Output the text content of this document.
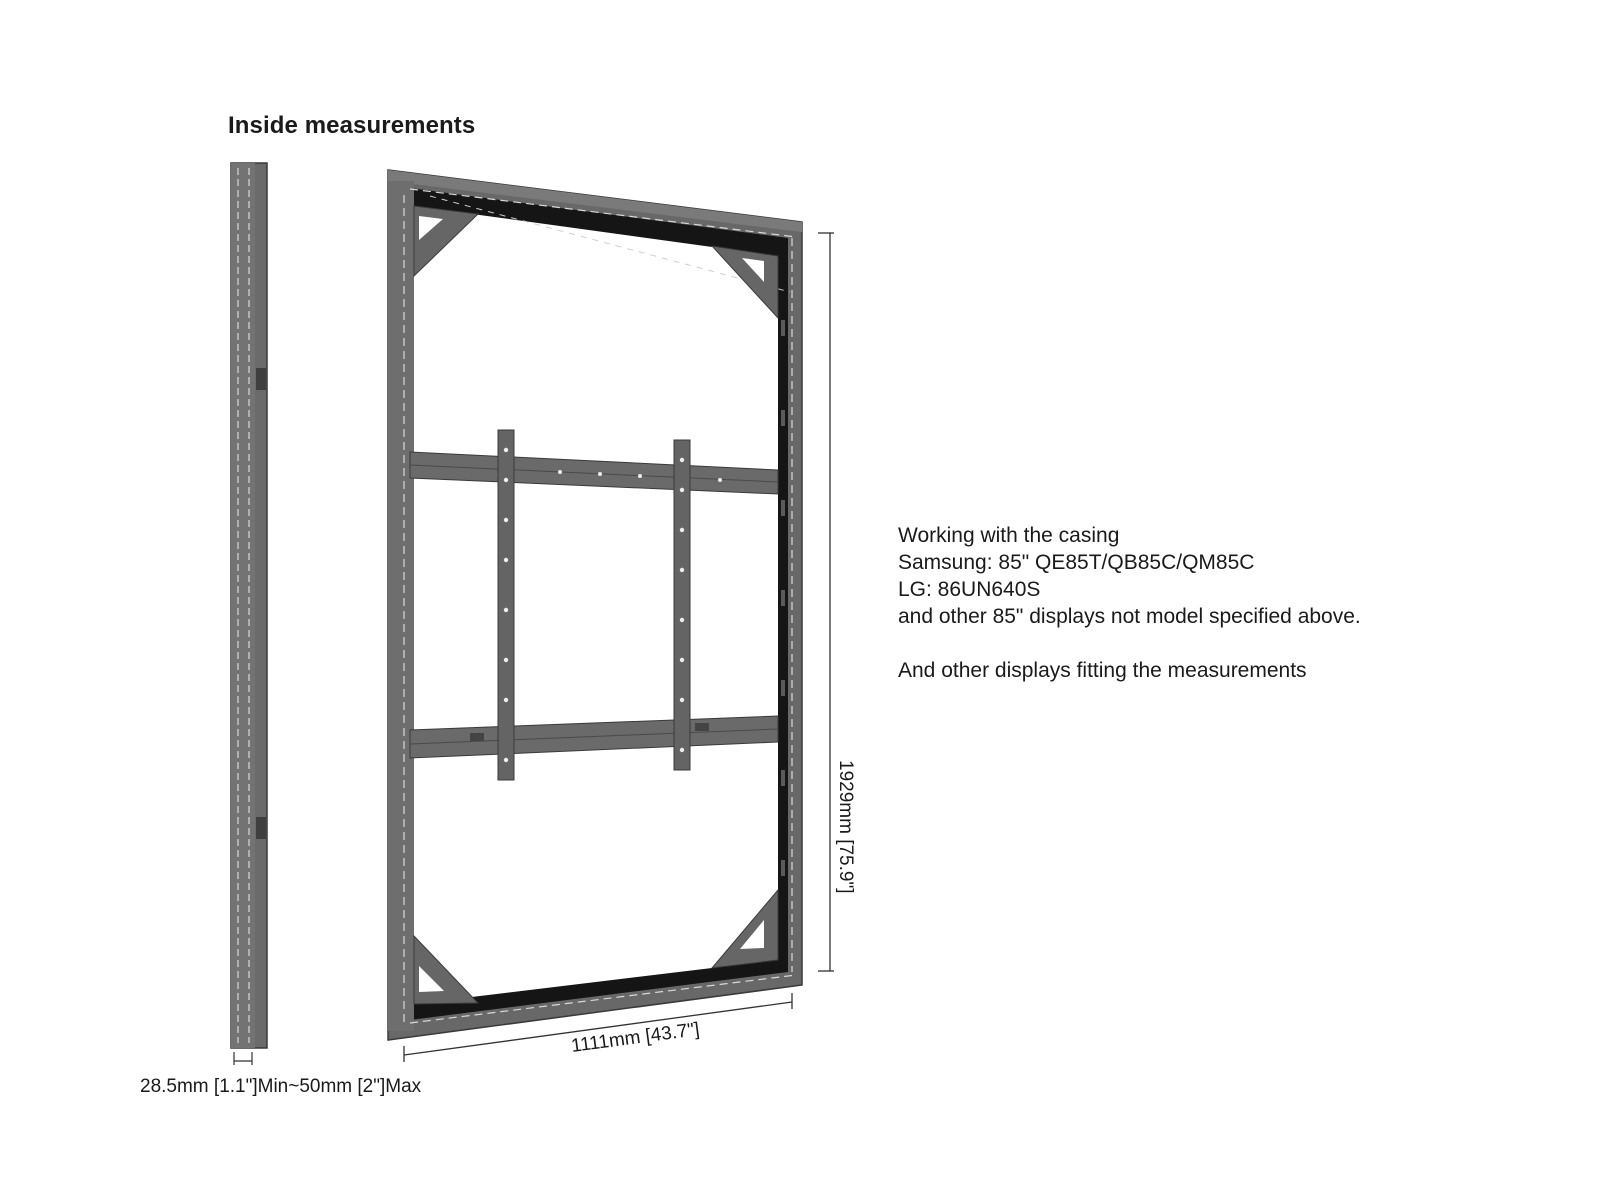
Inside measurements
1929mm [75.9"]
1111mm [43.7"]
28.5mm [1.1"]Min~50mm [2"]Max
Working with the casing
Samsung: 85" QE85T/QB85C/QM85C
LG: 86UN640S
and other 85" displays not model specified above.
And other displays fitting the measurements
